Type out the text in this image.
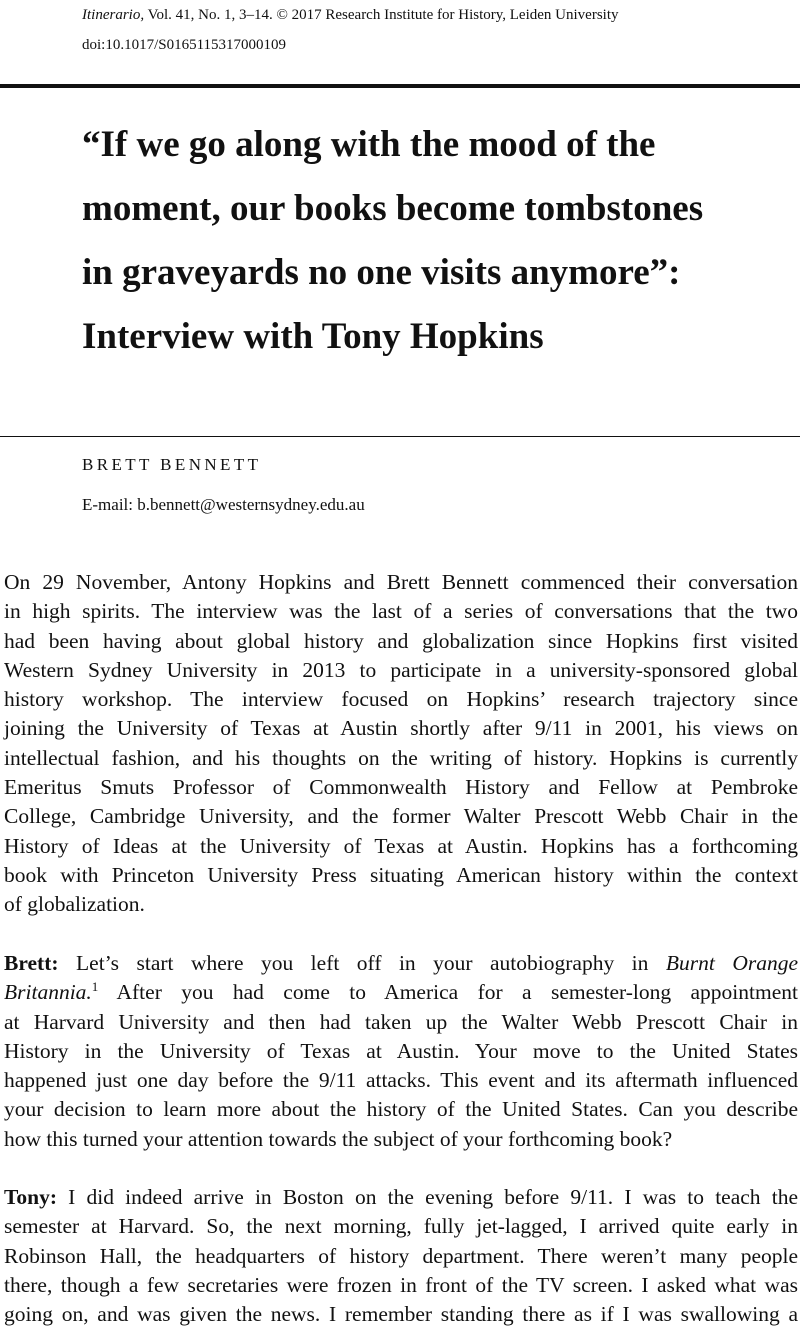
Itinerario, Vol. 41, No. 1, 3–14. © 2017 Research Institute for History, Leiden University
doi:10.1017/S0165115317000109
“If we go along with the mood of the
moment, our books become tombstones
in graveyards no one visits anymore”:
Interview with Tony Hopkins
BRETT BENNETT
E-mail: b.bennett@westernsydney.edu.au
On 29 November, Antony Hopkins and Brett Bennett commenced their conversation
in high spirits. The interview was the last of a series of conversations that the two
had been having about global history and globalization since Hopkins first visited
Western Sydney University in 2013 to participate in a university-sponsored global
history workshop. The interview focused on Hopkins’ research trajectory since
joining the University of Texas at Austin shortly after 9/11 in 2001, his views on
intellectual fashion, and his thoughts on the writing of history. Hopkins is currently
Emeritus Smuts Professor of Commonwealth History and Fellow at Pembroke
College, Cambridge University, and the former Walter Prescott Webb Chair in the
History of Ideas at the University of Texas at Austin. Hopkins has a forthcoming
book with Princeton University Press situating American history within the context
of globalization.
Brett: Let’s start where you left off in your autobiography in Burnt Orange
Britannia.$^1$ After you had come to America for a semester-long appointment
at Harvard University and then had taken up the Walter Webb Prescott Chair in
History in the University of Texas at Austin. Your move to the United States
happened just one day before the 9/11 attacks. This event and its aftermath influenced
your decision to learn more about the history of the United States. Can you describe
how this turned your attention towards the subject of your forthcoming book?
Tony: I did indeed arrive in Boston on the evening before 9/11. I was to teach the
semester at Harvard. So, the next morning, fully jet-lagged, I arrived quite early in
Robinson Hall, the headquarters of history department. There weren’t many people
there, though a few secretaries were frozen in front of the TV screen. I asked what was
going on, and was given the news. I remember standing there as if I was swallowing a
